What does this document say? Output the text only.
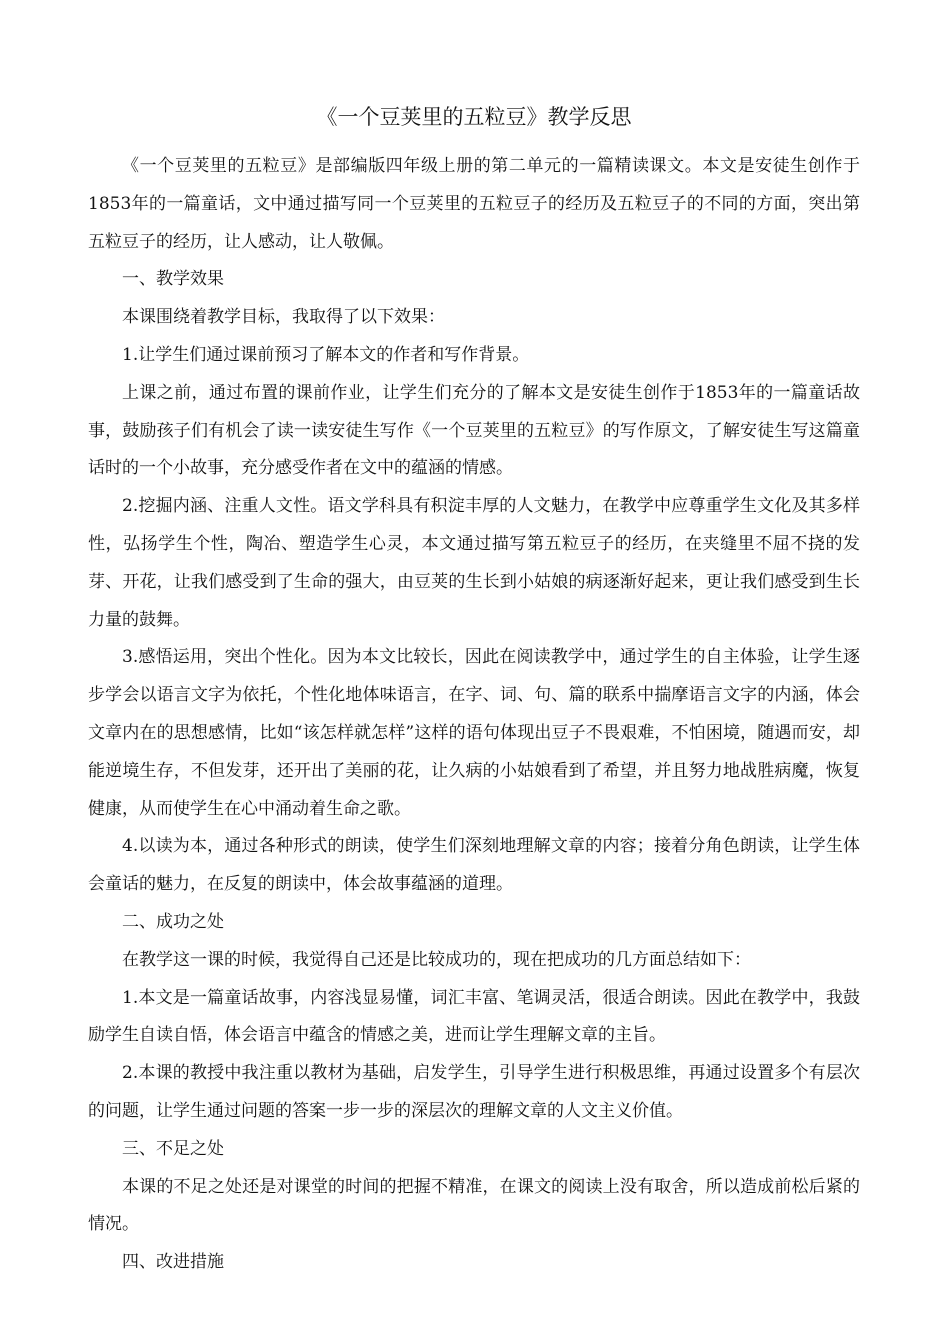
《一个豆荚里的五粒豆》教学反思

《一个豆荚里的五粒豆》是部编版四年级上册的第二单元的一篇精读课文。本文是安徒生创作于1853年的一篇童话，文中通过描写同一个豆荚里的五粒豆子的经历及五粒豆子的不同的方面，突出第五粒豆子的经历，让人感动，让人敬佩。

一、教学效果

本课围绕着教学目标，我取得了以下效果：

1.让学生们通过课前预习了解本文的作者和写作背景。

上课之前，通过布置的课前作业，让学生们充分的了解本文是安徒生创作于1853年的一篇童话故事，鼓励孩子们有机会了读一读安徒生写作《一个豆荚里的五粒豆》的写作原文，了解安徒生写这篇童话时的一个小故事，充分感受作者在文中的蕴涵的情感。

2.挖掘内涵、注重人文性。语文学科具有积淀丰厚的人文魅力，在教学中应尊重学生文化及其多样性，弘扬学生个性，陶冶、塑造学生心灵，本文通过描写第五粒豆子的经历，在夹缝里不屈不挠的发芽、开花，让我们感受到了生命的强大，由豆荚的生长到小姑娘的病逐渐好起来，更让我们感受到生长力量的鼓舞。

3.感悟运用，突出个性化。因为本文比较长，因此在阅读教学中，通过学生的自主体验，让学生逐步学会以语言文字为依托，个性化地体味语言，在字、词、句、篇的联系中揣摩语言文字的内涵，体会文章内在的思想感情，比如“该怎样就怎样”这样的语句体现出豆子不畏艰难，不怕困境，随遇而安，却能逆境生存，不但发芽，还开出了美丽的花，让久病的小姑娘看到了希望，并且努力地战胜病魔，恢复健康，从而使学生在心中涌动着生命之歌。

4.以读为本，通过各种形式的朗读，使学生们深刻地理解文章的内容；接着分角色朗读，让学生体会童话的魅力，在反复的朗读中，体会故事蕴涵的道理。

二、成功之处

在教学这一课的时候，我觉得自己还是比较成功的，现在把成功的几方面总结如下：

1.本文是一篇童话故事，内容浅显易懂，词汇丰富、笔调灵活，很适合朗读。因此在教学中，我鼓励学生自读自悟，体会语言中蕴含的情感之美，进而让学生理解文章的主旨。

2.本课的教授中我注重以教材为基础，启发学生，引导学生进行积极思维，再通过设置多个有层次的问题，让学生通过问题的答案一步一步的深层次的理解文章的人文主义价值。

三、不足之处

本课的不足之处还是对课堂的时间的把握不精准，在课文的阅读上没有取舍，所以造成前松后紧的情况。

四、改进措施
